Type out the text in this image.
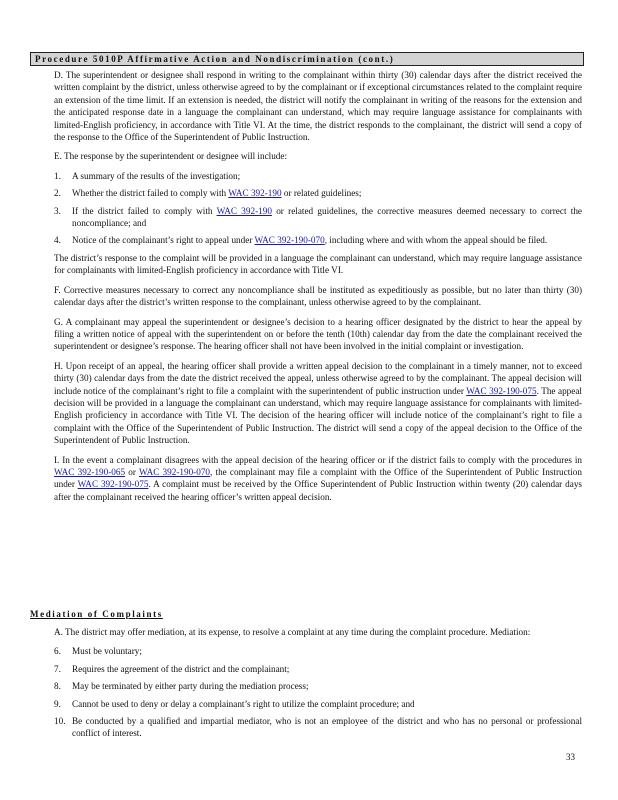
Procedure 5010P Affirmative Action and Nondiscrimination (cont.)

D. The superintendent or designee shall respond in writing to the complainant within thirty (30) calendar days after the district received the written complaint by the district, unless otherwise agreed to by the complainant or if exceptional circumstances related to the complaint require an extension of the time limit. If an extension is needed, the district will notify the complainant in writing of the reasons for the extension and the anticipated response date in a language the complainant can understand, which may require language assistance for complainants with limited-English proficiency, in accordance with Title VI. At the time, the district responds to the complainant, the district will send a copy of the response to the Office of the Superintendent of Public Instruction.

E. The response by the superintendent or designee will include:

1.	A summary of the results of the investigation;
2.	Whether the district failed to comply with WAC 392-190 or related guidelines;
3.	If the district failed to comply with WAC 392-190 or related guidelines, the corrective measures deemed necessary to correct the noncompliance; and
4.	Notice of the complainant’s right to appeal under WAC 392-190-070, including where and with whom the appeal should be filed.

The district’s response to the complaint will be provided in a language the complainant can understand, which may require language assistance for complainants with limited-English proficiency in accordance with Title VI.

F. Corrective measures necessary to correct any noncompliance shall be instituted as expeditiously as possible, but no later than thirty (30) calendar days after the district’s written response to the complainant, unless otherwise agreed to by the complainant.

G. A complainant may appeal the superintendent or designee’s decision to a hearing officer designated by the district to hear the appeal by filing a written notice of appeal with the superintendent on or before the tenth (10th) calendar day from the date the complainant received the superintendent or designee’s response. The hearing officer shall not have been involved in the initial complaint or investigation.

H. Upon receipt of an appeal, the hearing officer shall provide a written appeal decision to the complainant in a timely manner, not to exceed thirty (30) calendar days from the date the district received the appeal, unless otherwise agreed to by the complainant. The appeal decision will include notice of the complainant’s right to file a complaint with the superintendent of public instruction under WAC 392-190-075. The appeal decision will be provided in a language the complainant can understand, which may require language assistance for complainants with limited-English proficiency in accordance with Title VI. The decision of the hearing officer will include notice of the complainant’s right to file a complaint with the Office of the Superintendent of Public Instruction. The district will send a copy of the appeal decision to the Office of the Superintendent of Public Instruction.

I. In the event a complainant disagrees with the appeal decision of the hearing officer or if the district fails to comply with the procedures in WAC 392-190-065 or WAC 392-190-070, the complainant may file a complaint with the Office of the Superintendent of Public Instruction under WAC 392-190-075. A complaint must be received by the Office Superintendent of Public Instruction within twenty (20) calendar days after the complainant received the hearing officer’s written appeal decision.

Mediation of Complaints

A. The district may offer mediation, at its expense, to resolve a complaint at any time during the complaint procedure. Mediation:

6.	Must be voluntary;
7.	Requires the agreement of the district and the complainant;
8.	May be terminated by either party during the mediation process;
9.	Cannot be used to deny or delay a complainant’s right to utilize the complaint procedure; and
10. Be conducted by a qualified and impartial mediator, who is not an employee of the district and who has no personal or professional conflict of interest.
33
